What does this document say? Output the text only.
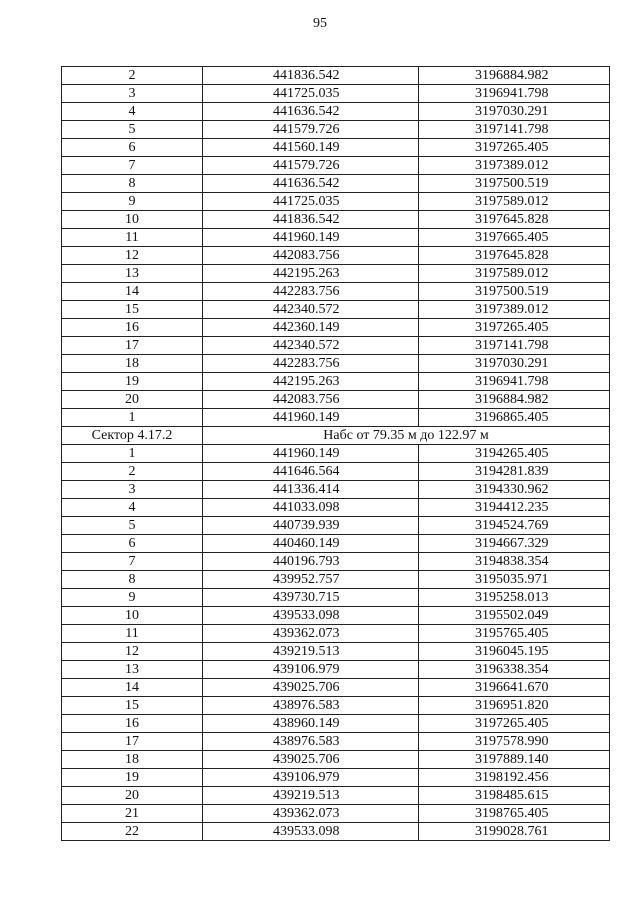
95
2	441836.542	3196884.982
3	441725.035	3196941.798
4	441636.542	3197030.291
5	441579.726	3197141.798
6	441560.149	3197265.405
7	441579.726	3197389.012
8	441636.542	3197500.519
9	441725.035	3197589.012
10	441836.542	3197645.828
11	441960.149	3197665.405
12	442083.756	3197645.828
13	442195.263	3197589.012
14	442283.756	3197500.519
15	442340.572	3197389.012
16	442360.149	3197265.405
17	442340.572	3197141.798
18	442283.756	3197030.291
19	442195.263	3196941.798
20	442083.756	3196884.982
1	441960.149	3196865.405
Сектор 4.17.2	Набс от 79.35 м до 122.97 м	
1	441960.149	3194265.405
2	441646.564	3194281.839
3	441336.414	3194330.962
4	441033.098	3194412.235
5	440739.939	3194524.769
6	440460.149	3194667.329
7	440196.793	3194838.354
8	439952.757	3195035.971
9	439730.715	3195258.013
10	439533.098	3195502.049
11	439362.073	3195765.405
12	439219.513	3196045.195
13	439106.979	3196338.354
14	439025.706	3196641.670
15	438976.583	3196951.820
16	438960.149	3197265.405
17	438976.583	3197578.990
18	439025.706	3197889.140
19	439106.979	3198192.456
20	439219.513	3198485.615
21	439362.073	3198765.405
22	439533.098	3199028.761
